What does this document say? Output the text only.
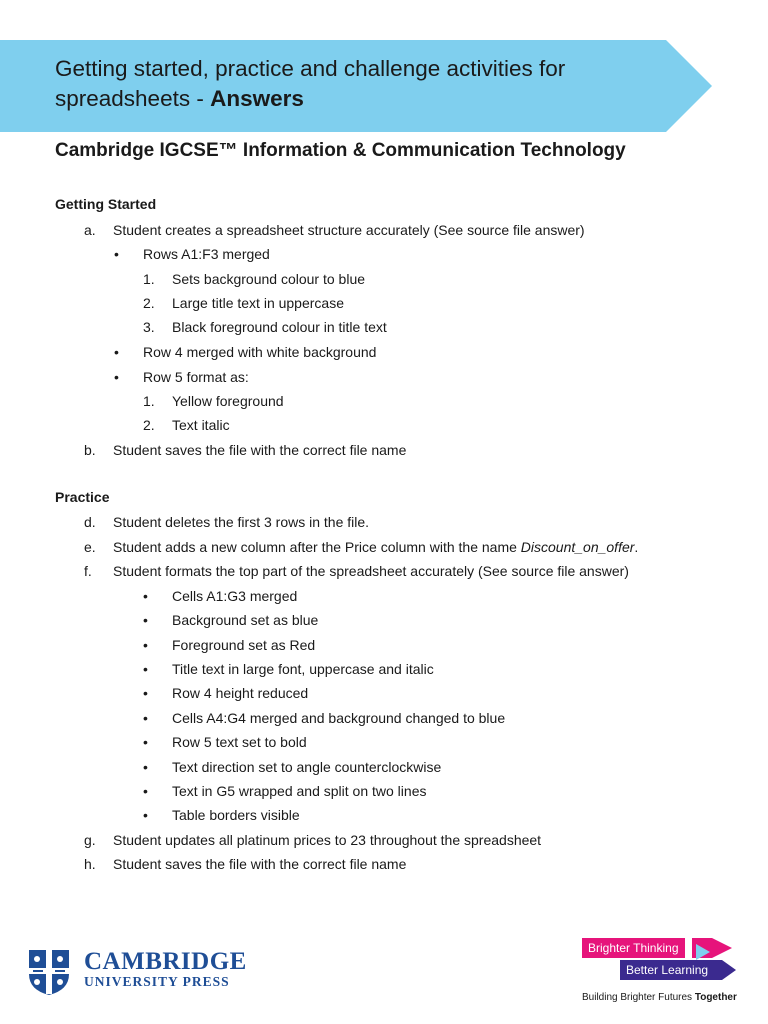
Getting started, practice and challenge activities for
spreadsheets - Answers
Cambridge IGCSE™ Information & Communication Technology
Getting Started
a. Student creates a spreadsheet structure accurately (See source file answer)
• Rows A1:F3 merged
1. Sets background colour to blue
2. Large title text in uppercase
3. Black foreground colour in title text
• Row 4 merged with white background
• Row 5 format as:
1. Yellow foreground
2. Text italic
b. Student saves the file with the correct file name
Practice
d. Student deletes the first 3 rows in the file.
e. Student adds a new column after the Price column with the name Discount_on_offer.
f. Student formats the top part of the spreadsheet accurately (See source file answer)
• Cells A1:G3 merged
• Background set as blue
• Foreground set as Red
• Title text in large font, uppercase and italic
• Row 4 height reduced
• Cells A4:G4 merged and background changed to blue
• Row 5 text set to bold
• Text direction set to angle counterclockwise
• Text in G5 wrapped and split on two lines
• Table borders visible
g. Student updates all platinum prices to 23 throughout the spreadsheet
h. Student saves the file with the correct file name
CAMBRIDGE
UNIVERSITY PRESS
Brighter Thinking
Better Learning
Building Brighter Futures Together
